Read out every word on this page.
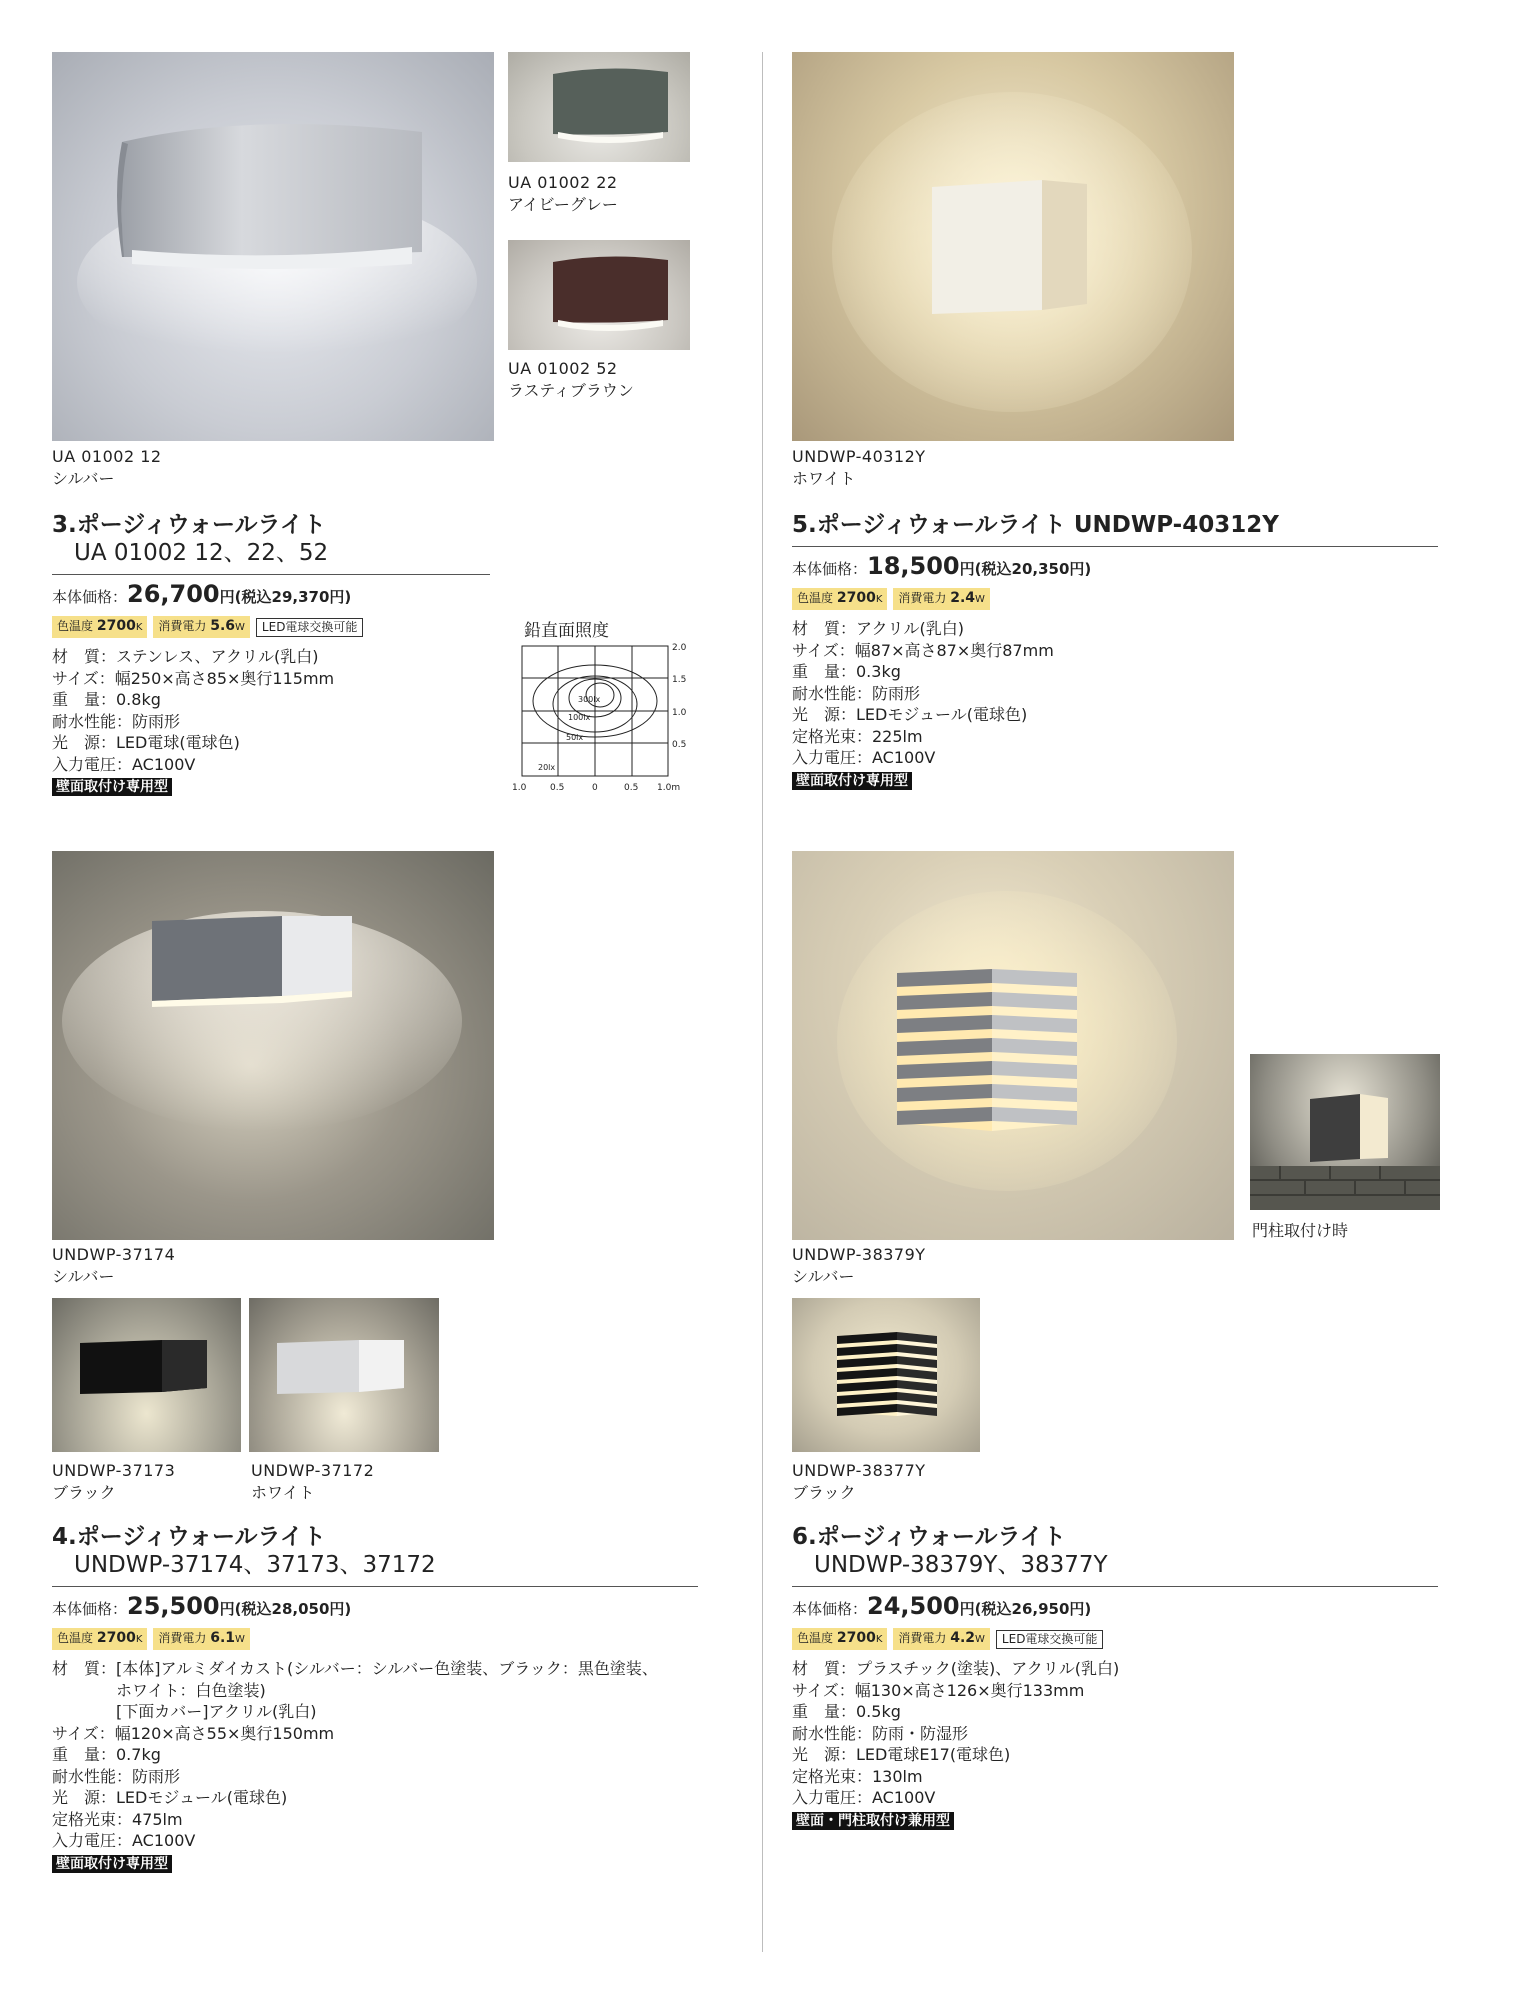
UA 01002 22
アイビーグレー
UA 01002 52
ラスティブラウン
UA 01002 12
シルバー
3.ポージィウォールライト
UA 01002 12、22、52
本体価格：26,700円(税込29,370円)
色温度 2700K	消費電力 5.6W	LED電球交換可能
材　質：ステンレス、アクリル(乳白)
サイズ：幅250×高さ85×奥行115mm
重　量：0.8kg
耐水性能：防雨形
光　源：LED電球(電球色)
入力電圧：AC100V
壁面取付け専用型
鉛直面照度
2.0
1.5
1.0
0.5
1.0	0.5	0	0.5 1.0m
300lx
100lx
50lx
20lx
UNDWP-37174
シルバー
UNDWP-37173
ブラック
UNDWP-37172
ホワイト
4.ポージィウォールライト
UNDWP-37174、37173、37172
本体価格：25,500円(税込28,050円)
色温度 2700K	消費電力 6.1W
材　質：[本体]アルミダイカスト(シルバー：シルバー色塗装、ブラック：黒色塗装、
　　　　ホワイト：白色塗装)
　　　　[下面カバー]アクリル(乳白)
サイズ：幅120×高さ55×奥行150mm
重　量：0.7kg
耐水性能：防雨形
光　源：LEDモジュール(電球色)
定格光束：475lm
入力電圧：AC100V
壁面取付け専用型
UNDWP-40312Y
ホワイト
5.ポージィウォールライト UNDWP-40312Y
本体価格：18,500円(税込20,350円)
色温度 2700K	消費電力 2.4W
材　質：アクリル(乳白)
サイズ：幅87×高さ87×奥行87mm
重　量：0.3kg
耐水性能：防雨形
光　源：LEDモジュール(電球色)
定格光束：225lm
入力電圧：AC100V
壁面取付け専用型
門柱取付け時
UNDWP-38379Y
シルバー
UNDWP-38377Y
ブラック
6.ポージィウォールライト
UNDWP-38379Y、38377Y
本体価格：24,500円(税込26,950円)
色温度 2700K	消費電力 4.2W	LED電球交換可能
材　質：プラスチック(塗装)、アクリル(乳白)
サイズ：幅130×高さ126×奥行133mm
重　量：0.5kg
耐水性能：防雨・防湿形
光　源：LED電球E17(電球色)
定格光束：130lm
入力電圧：AC100V
壁面・門柱取付け兼用型
